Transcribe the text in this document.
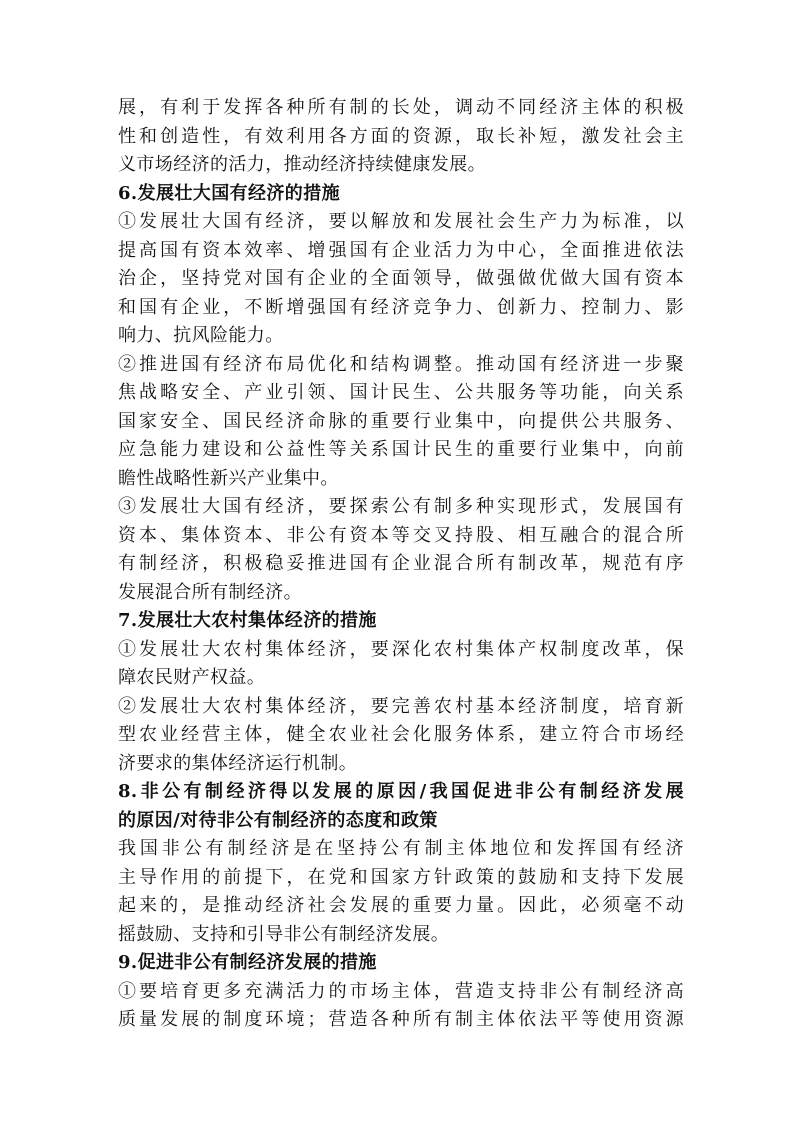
展，有利于发挥各种所有制的长处，调动不同经济主体的积极
性和创造性，有效利用各方面的资源，取长补短，激发社会主
义市场经济的活力，推动经济持续健康发展。
6.发展壮大国有经济的措施
①发展壮大国有经济，要以解放和发展社会生产力为标准，以
提高国有资本效率、增强国有企业活力为中心，全面推进依法
治企，坚持党对国有企业的全面领导，做强做优做大国有资本
和国有企业，不断增强国有经济竞争力、创新力、控制力、影
响力、抗风险能力。
②推进国有经济布局优化和结构调整。推动国有经济进一步聚
焦战略安全、产业引领、国计民生、公共服务等功能，向关系
国家安全、国民经济命脉的重要行业集中，向提供公共服务、
应急能力建设和公益性等关系国计民生的重要行业集中，向前
瞻性战略性新兴产业集中。
③发展壮大国有经济，要探索公有制多种实现形式，发展国有
资本、集体资本、非公有资本等交叉持股、相互融合的混合所
有制经济，积极稳妥推进国有企业混合所有制改革，规范有序
发展混合所有制经济。
7.发展壮大农村集体经济的措施
①发展壮大农村集体经济，要深化农村集体产权制度改革，保
障农民财产权益。
②发展壮大农村集体经济，要完善农村基本经济制度，培育新
型农业经营主体，健全农业社会化服务体系，建立符合市场经
济要求的集体经济运行机制。
8.非公有制经济得以发展的原因/我国促进非公有制经济发展
的原因/对待非公有制经济的态度和政策
我国非公有制经济是在坚持公有制主体地位和发挥国有经济
主导作用的前提下，在党和国家方针政策的鼓励和支持下发展
起来的，是推动经济社会发展的重要力量。因此，必须毫不动
摇鼓励、支持和引导非公有制经济发展。
9.促进非公有制经济发展的措施
①要培育更多充满活力的市场主体，营造支持非公有制经济高
质量发展的制度环境；营造各种所有制主体依法平等使用资源
